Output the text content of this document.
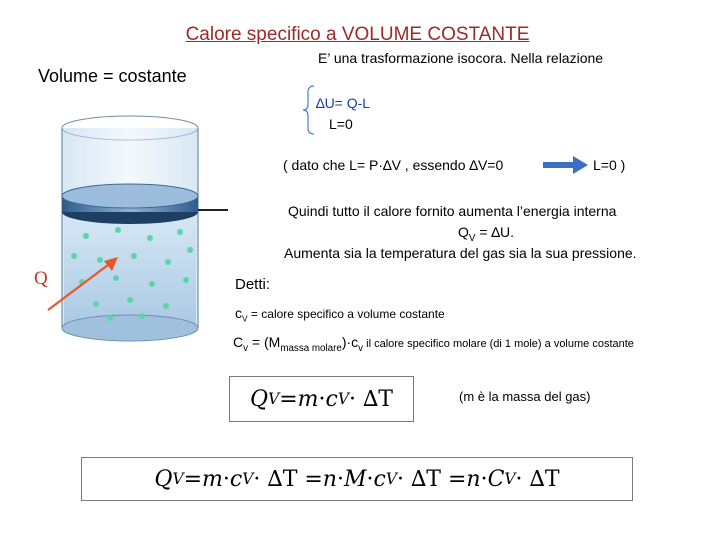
Calore specifico a VOLUME COSTANTE
Volume = costante
E’ una trasformazione isocora. Nella relazione
∆U= Q-L
L=0
( dato che L= P·∆V , essendo ∆V=0	L=0 )
Quindi tutto il calore fornito aumenta l’energia interna
$Q_V = \Delta U$.
Aumenta sia la temperatura del gas sia la sua pressione.
Detti:
$c_V$ = calore specifico a volume costante
$C_v = (M_{massa molare})\cdot c_v$ il calore specifico molare (di 1 mole) a volume costante
Q V = m · c V · ∆T	(m è la massa del gas)
Q V = m · c V · ∆T = n · M · c V · ∆T = n · C V · ∆T
Q
